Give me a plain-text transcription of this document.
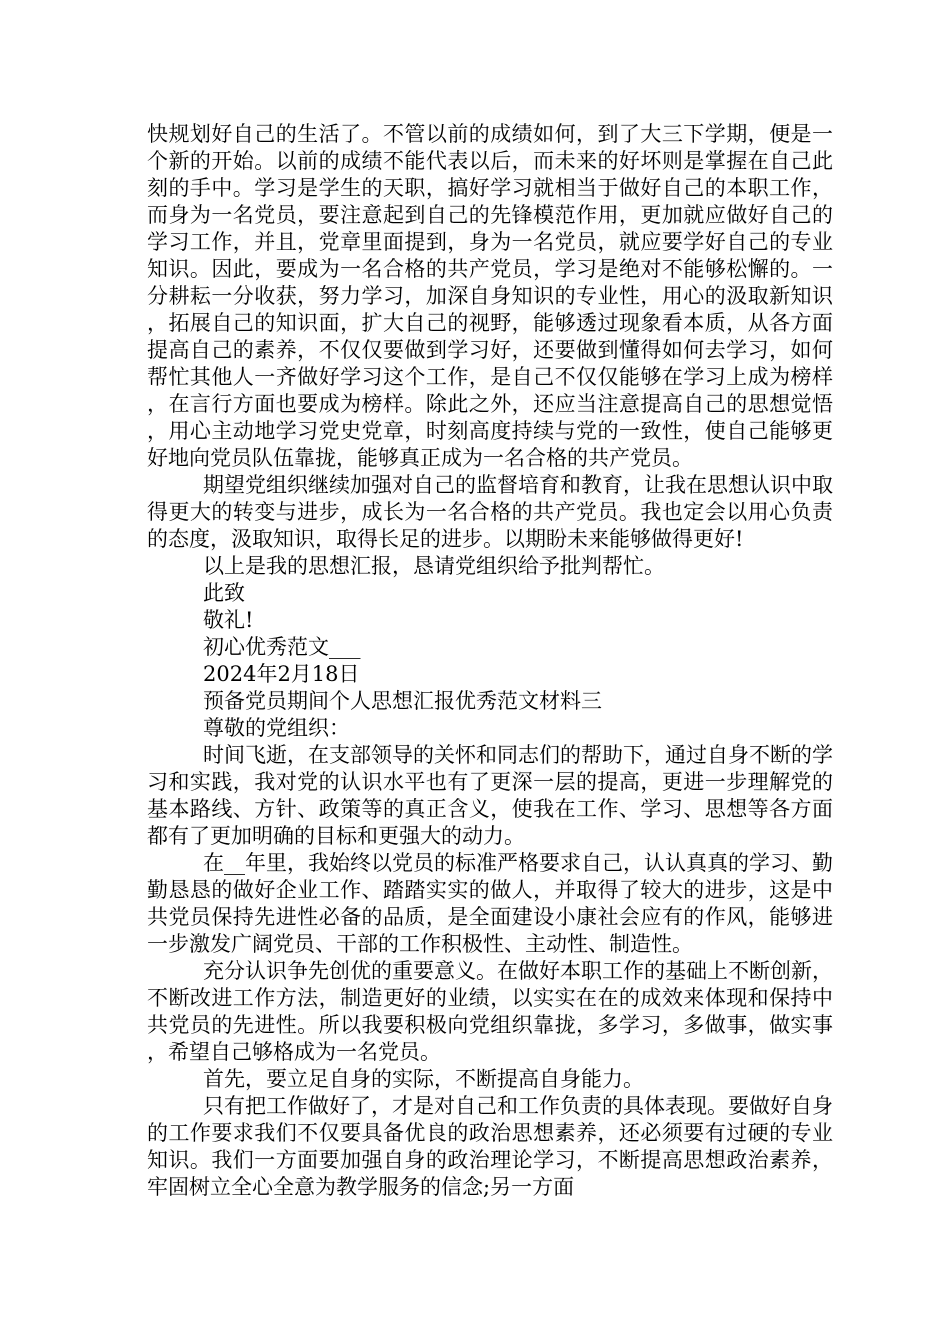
快规划好自己的生活了。不管以前的成绩如何，到了大三下学期，便是一个新的开始。以前的成绩不能代表以后，而未来的好坏则是掌握在自己此刻的手中。学习是学生的天职，搞好学习就相当于做好自己的本职工作，而身为一名党员，要注意起到自己的先锋模范作用，更加就应做好自己的学习工作，并且，党章里面提到，身为一名党员，就应要学好自己的专业知识。因此，要成为一名合格的共产党员，学习是绝对不能够松懈的。一分耕耘一分收获，努力学习，加深自身知识的专业性，用心的汲取新知识，拓展自己的知识面，扩大自己的视野，能够透过现象看本质，从各方面提高自己的素养，不仅仅要做到学习好，还要做到懂得如何去学习，如何帮忙其他人一齐做好学习这个工作，是自己不仅仅能够在学习上成为榜样，在言行方面也要成为榜样。除此之外，还应当注意提高自己的思想觉悟，用心主动地学习党史党章，时刻高度持续与党的一致性，使自己能够更好地向党员队伍靠拢，能够真正成为一名合格的共产党员。

期望党组织继续加强对自己的监督培育和教育，让我在思想认识中取得更大的转变与进步，成长为一名合格的共产党员。我也定会以用心负责的态度，汲取知识，取得长足的进步。以期盼未来能够做得更好!

以上是我的思想汇报，恳请党组织给予批判帮忙。

此致

敬礼!

初心优秀范文___

2024年2月18日

预备党员期间个人思想汇报优秀范文材料三

尊敬的党组织：

时间飞逝，在支部领导的关怀和同志们的帮助下，通过自身不断的学习和实践，我对党的认识水平也有了更深一层的提高，更进一步理解党的基本路线、方针、政策等的真正含义，使我在工作、学习、思想等各方面都有了更加明确的目标和更强大的动力。

在__年里，我始终以党员的标准严格要求自己，认认真真的学习、勤勤恳恳的做好企业工作、踏踏实实的做人，并取得了较大的进步，这是中共党员保持先进性必备的品质，是全面建设小康社会应有的作风，能够进一步激发广阔党员、干部的工作积极性、主动性、制造性。

充分认识争先创优的重要意义。在做好本职工作的基础上不断创新，不断改进工作方法，制造更好的业绩，以实实在在的成效来体现和保持中共党员的先进性。所以我要积极向党组织靠拢，多学习，多做事，做实事，希望自己够格成为一名党员。

首先，要立足自身的实际，不断提高自身能力。

只有把工作做好了，才是对自己和工作负责的具体表现。要做好自身的工作要求我们不仅要具备优良的政治思想素养，还必须要有过硬的专业知识。我们一方面要加强自身的政治理论学习，不断提高思想政治素养，牢固树立全心全意为教学服务的信念;另一方面
